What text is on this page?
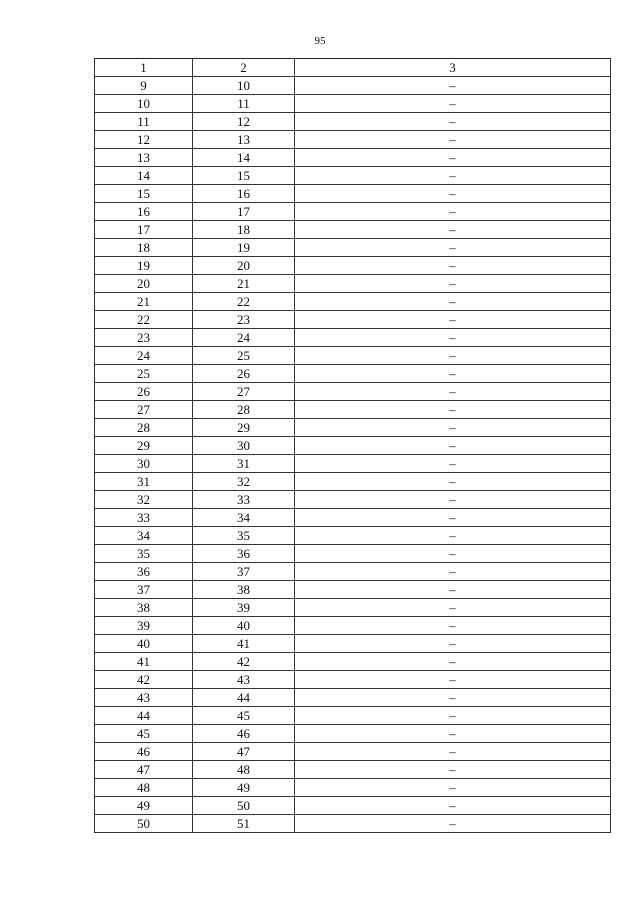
95
1	2	3
9	10	–
10	11	–
11	12	–
12	13	–
13	14	–
14	15	–
15	16	–
16	17	–
17	18	–
18	19	–
19	20	–
20	21	–
21	22	–
22	23	–
23	24	–
24	25	–
25	26	–
26	27	–
27	28	–
28	29	–
29	30	–
30	31	–
31	32	–
32	33	–
33	34	–
34	35	–
35	36	–
36	37	–
37	38	–
38	39	–
39	40	–
40	41	–
41	42	–
42	43	–
43	44	–
44	45	–
45	46	–
46	47	–
47	48	–
48	49	–
49	50	–
50	51	–
